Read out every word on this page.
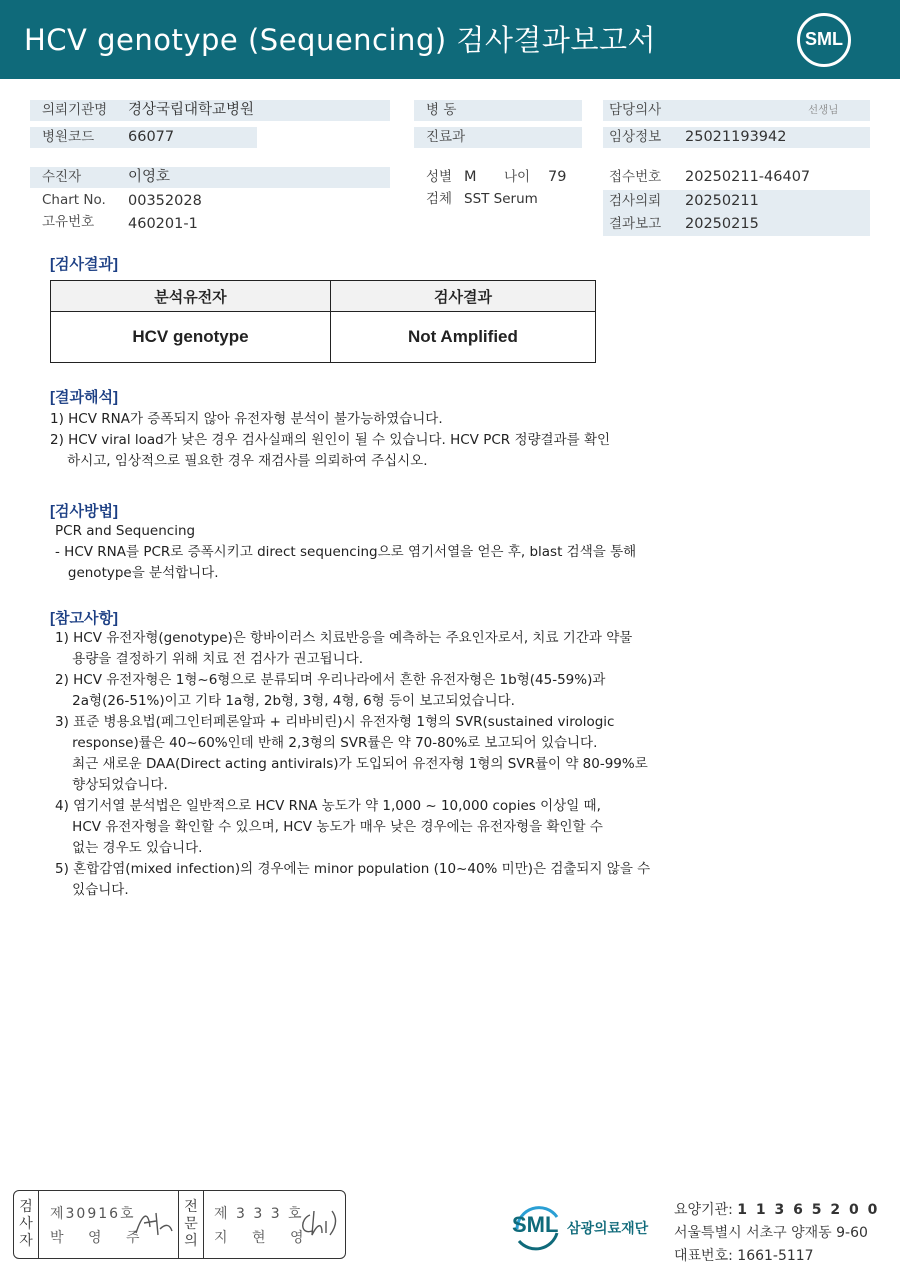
HCV genotype (Sequencing) 검사결과보고서	SML
의뢰기관명 경상국립대학교병원
병원코드 66077
수진자	이영호
Chart No. 00352028
고유번호 460201-1
병 동
진료과
성별 M 나이 79
검체 SST Serum
담당의사	선생님
임상정보 25021193942
접수번호 20250211-46407
검사의뢰 20250211
결과보고 20250215
[검사결과]
분석유전자	검사결과
HCV genotype	Not Amplified
[결과해석]
1) HCV RNA가 증폭되지 않아 유전자형 분석이 불가능하였습니다.
2) HCV viral load가 낮은 경우 검사실패의 원인이 될 수 있습니다. HCV PCR 정량결과를 확인
하시고, 임상적으로 필요한 경우 재검사를 의뢰하여 주십시오.
[검사방법]
PCR and Sequencing
- HCV RNA를 PCR로 증폭시키고 direct sequencing으로 염기서열을 얻은 후, blast 검색을 통해
genotype을 분석합니다.
[참고사항]
1) HCV 유전자형(genotype)은 항바이러스 치료반응을 예측하는 주요인자로서, 치료 기간과 약물
용량을 결정하기 위해 치료 전 검사가 권고됩니다.
2) HCV 유전자형은 1형~6형으로 분류되며 우리나라에서 흔한 유전자형은 1b형(45-59%)과
2a형(26-51%)이고 기타 1a형, 2b형, 3형, 4형, 6형 등이 보고되었습니다.
3) 표준 병용요법(페그인터페론알파 + 리바비린)시 유전자형 1형의 SVR(sustained virologic
response)률은 40~60%인데 반해 2,3형의 SVR률은 약 70-80%로 보고되어 있습니다.
최근 새로운 DAA(Direct acting antivirals)가 도입되어 유전자형 1형의 SVR률이 약 80-99%로
향상되었습니다.
4) 염기서열 분석법은 일반적으로 HCV RNA 농도가 약 1,000 ~ 10,000 copies 이상일 때,
HCV 유전자형을 확인할 수 있으며, HCV 농도가 매우 낮은 경우에는 유전자형을 확인할 수
없는 경우도 있습니다.
5) 혼합감염(mixed infection)의 경우에는 minor population (10~40% 미만)은 검출되지 않을 수
있습니다.
검
사
자
제30916호
박 영 주
전
문
의
제 3 3 3 호
지 현 영
SML 삼광의료재단
요양기관: 1 1 3 6 5 2 0 0
서울특별시 서초구 양재동 9-60
대표번호: 1661-5117
